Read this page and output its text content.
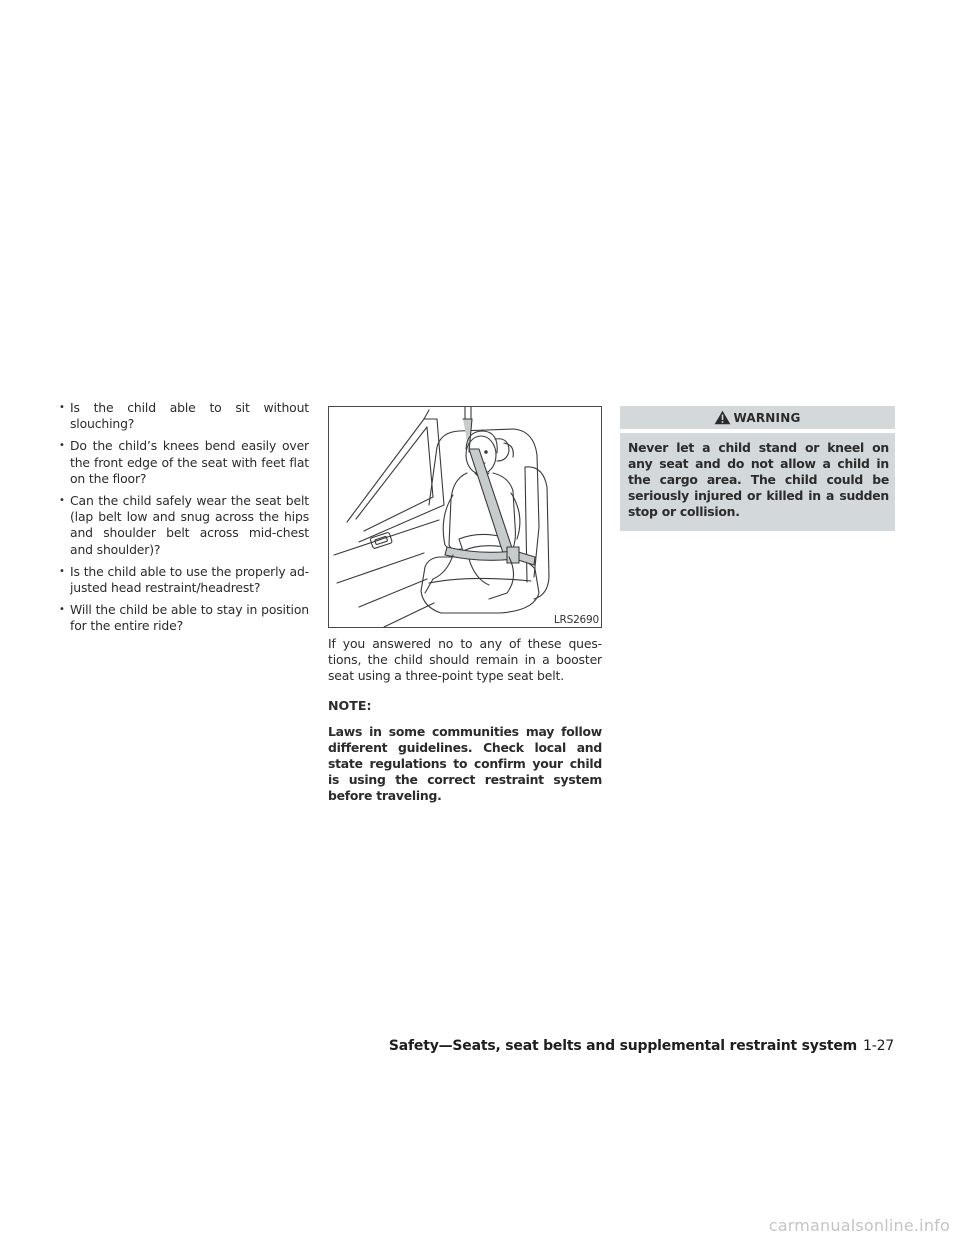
• Is the child able to sit without slouching?
• Do the child’s knees bend easily over the front edge of the seat with feet flat on the floor?
• Can the child safely wear the seat belt (lap belt low and snug across the hips and shoulder belt across mid-chest and shoulder)?
• Is the child able to use the properly ad-justed head restraint/headrest?
• Will the child be able to stay in position for the entire ride?	LRS2690

If you answered no to any of these ques-tions, the child should remain in a booster seat using a three-point type seat belt.

NOTE:

Laws in some communities may follow different guidelines. Check local and state regulations to confirm your child is using the correct restraint system before traveling.

WARNING

Never let a child stand or kneel on any seat and do not allow a child in the cargo area. The child could be seriously injured or killed in a sudden stop or collision.

Safety—Seats, seat belts and supplemental restraint system 1-27
carmanualsonline.info
